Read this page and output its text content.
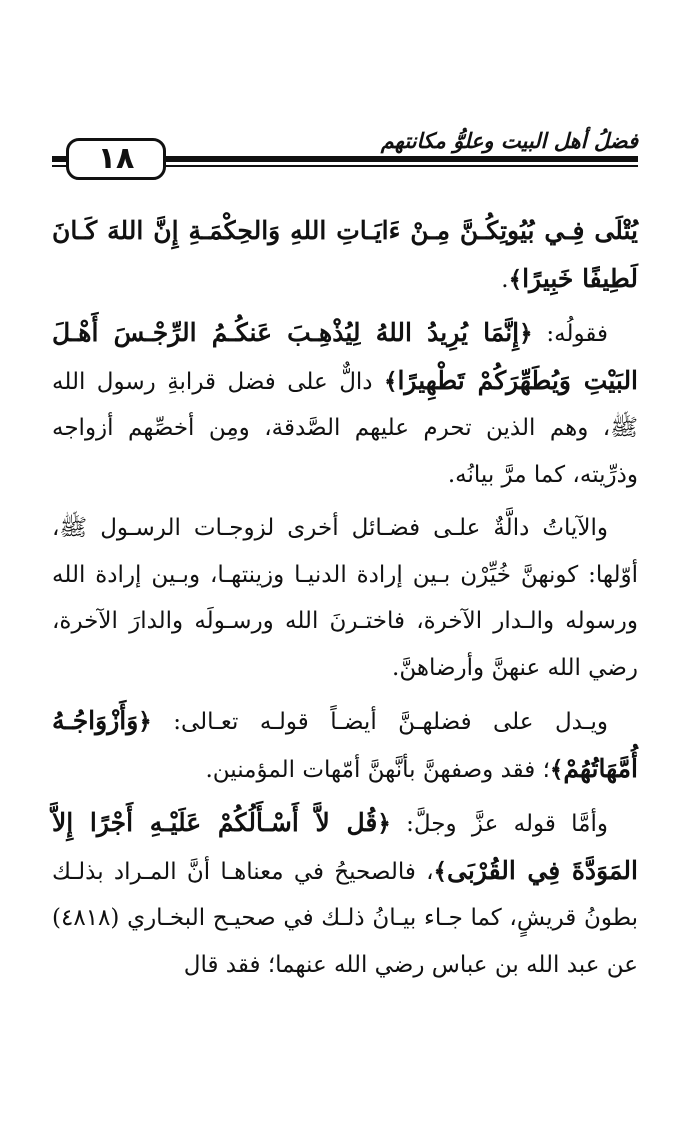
فضلُ أهل البيت وعلوُّ مكانتهم
١٨

يُتْلَى فِـي بُيُوتِكُـنَّ مِـنْ ءَايَـاتِ اللهِ وَالحِكْمَـةِ إِنَّ اللهَ كَـانَ لَطِيفًا خَبِيرًا﴾.

فقولُه: ﴿إِنَّمَا يُرِيدُ اللهُ لِيُذْهِـبَ عَنكُـمُ الرِّجْـسَ أَهْـلَ البَيْتِ وَيُطَهِّرَكُمْ تَطْهِيرًا﴾ دالٌّ على فضل قرابةِ رسول الله ﷺ، وهم الذين تحرم عليهم الصَّدقة، ومِن أخصِّهم أزواجه وذرِّيته، كما مرَّ بيانُه.

والآياتُ دالَّةٌ علـى فضـائل أخرى لزوجـات الرسـول ﷺ، أوّلها: كونهنَّ خُيِّرْن بـين إرادة الدنيـا وزينتهـا، وبـين إرادة الله ورسوله والـدار الآخرة، فاختـرنَ الله ورسـولَه والدارَ الآخرة، رضي الله عنهنَّ وأرضاهنَّ.

ويـدل على فضلهـنَّ أيضـاً قولـه تعـالى: ﴿وَأَزْوَاجُـهُ أُمَّهَاتُهُمْ﴾؛ فقد وصفهنَّ بأنَّهنَّ أمّهات المؤمنين.

وأمَّا قوله عزَّ وجلَّ: ﴿قُل لاَّ أَسْـأَلُكُمْ عَلَيْـهِ أَجْرًا إِلاَّ المَوَدَّةَ فِي القُرْبَى﴾، فالصحيحُ في معناهـا أنَّ المـراد بذلـك بطونُ قريشٍ، كما جـاء بيـانُ ذلـك في صحيـح البخـاري (٤٨١٨) عن عبد الله بن عباس رضي الله عنهما؛ فقد قال
